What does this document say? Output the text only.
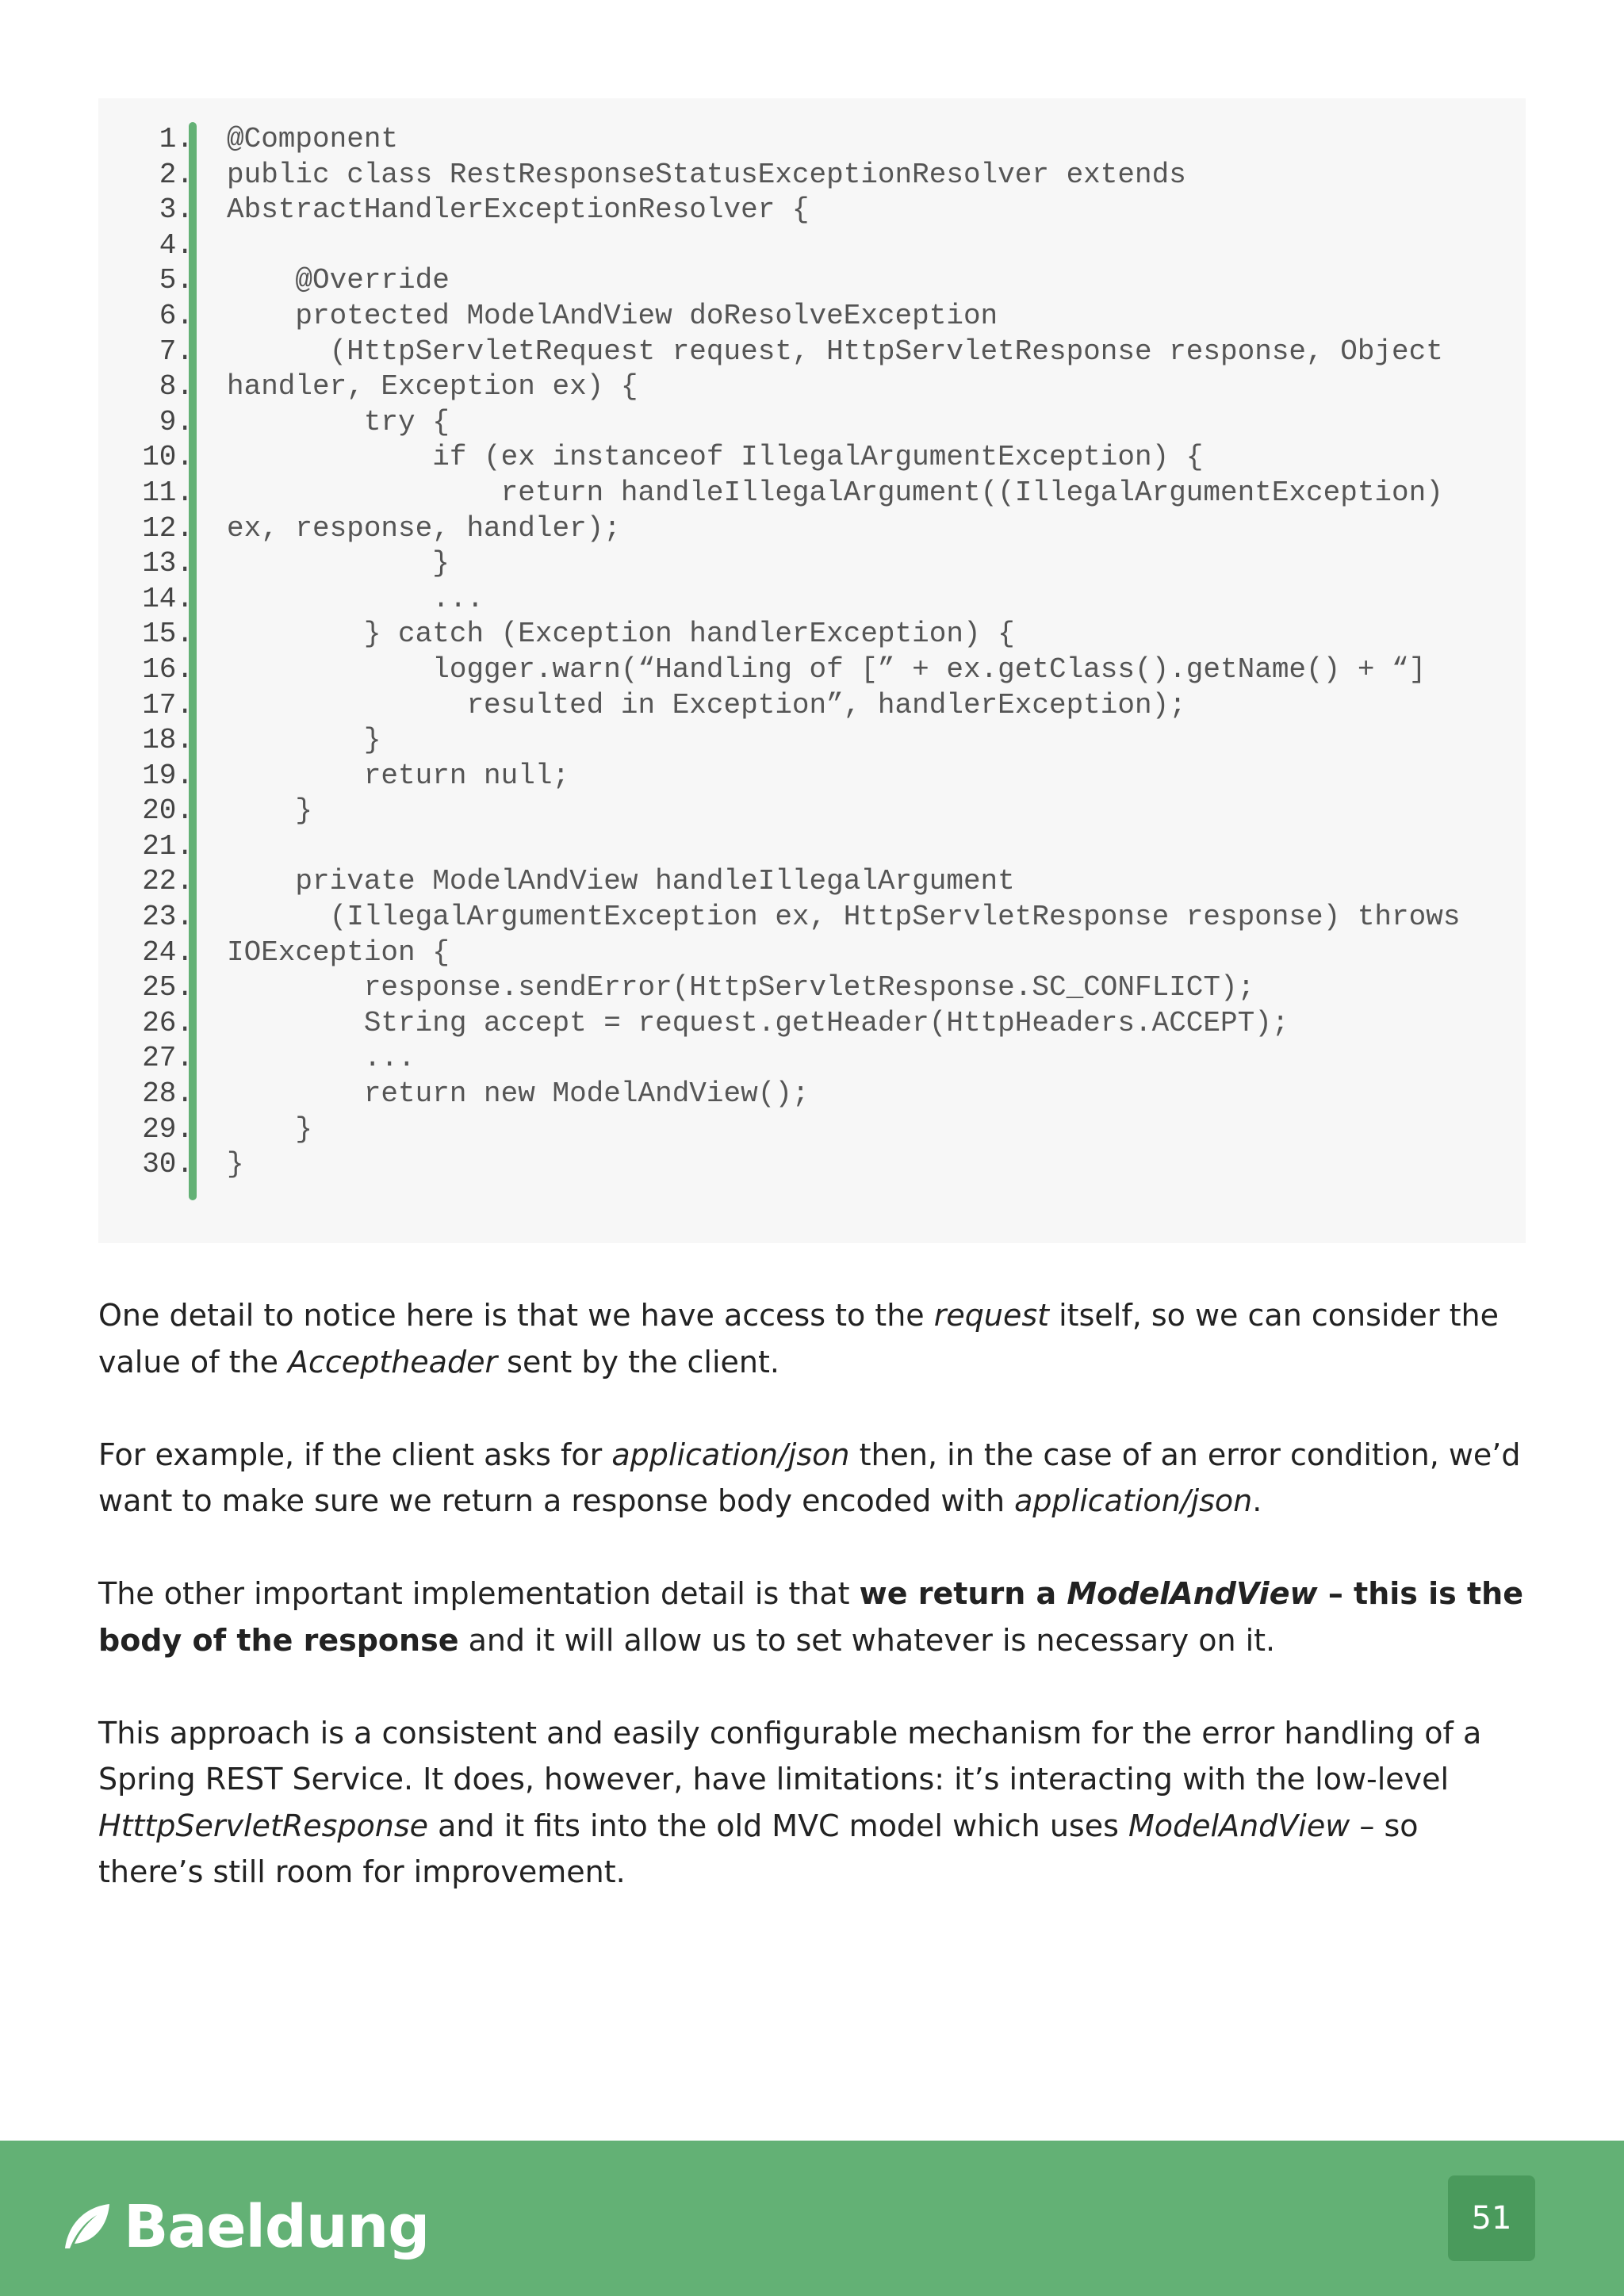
1. @Component
2. public class RestResponseStatusExceptionResolver extends
3. AbstractHandlerExceptionResolver {
4.
5. @Override
6. protected ModelAndView doResolveException
7. (HttpServletRequest request, HttpServletResponse response, Object
8. handler, Exception ex) {
9. try {
10. if (ex instanceof IllegalArgumentException) {
11. return handleIllegalArgument((IllegalArgumentException)
12. ex, response, handler);
13. }
14. ...
15. } catch (Exception handlerException) {
16. logger.warn(“Handling of [” + ex.getClass().getName() + “]
17. resulted in Exception”, handlerException);
18. }
19. return null;
20. }
21.
22. private ModelAndView handleIllegalArgument
23. (IllegalArgumentException ex, HttpServletResponse response) throws
24. IOException {
25. response.sendError(HttpServletResponse.SC_CONFLICT);
26. String accept = request.getHeader(HttpHeaders.ACCEPT);
27. ...
28. return new ModelAndView();
29. }
30. }

One detail to notice here is that we have access to the request itself, so we can consider the value of the Acceptheader sent by the client.

For example, if the client asks for application/json then, in the case of an error condition, we’d want to make sure we return a response body encoded with application/json.

The other important implementation detail is that we return a ModelAndView – this is the body of the response and it will allow us to set whatever is necessary on it.

This approach is a consistent and easily configurable mechanism for the error handling of a Spring REST Service. It does, however, have limitations: it’s interacting with the low-level HtttpServletResponse and it fits into the old MVC model which uses ModelAndView – so there’s still room for improvement.

Baeldung	51
